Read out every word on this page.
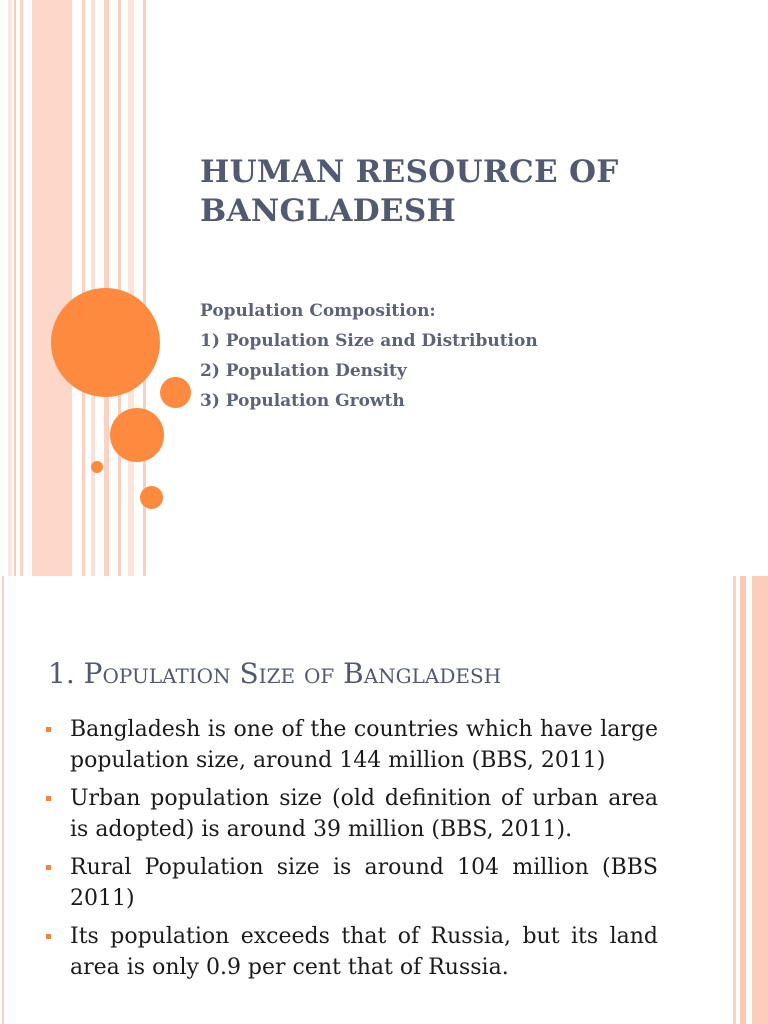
HUMAN RESOURCE OF BANGLADESH
Population Composition:
1) Population Size and Distribution
2) Population Density
3) Population Growth
1. Population Size of Bangladesh
Bangladesh is one of the countries which have large population size, around 144 million (BBS, 2011)
Urban population size (old definition of urban area is adopted) is around 39 million (BBS, 2011).
Rural Population size is around 104 million (BBS 2011)
Its population exceeds that of Russia, but its land area is only 0.9 per cent that of Russia.
